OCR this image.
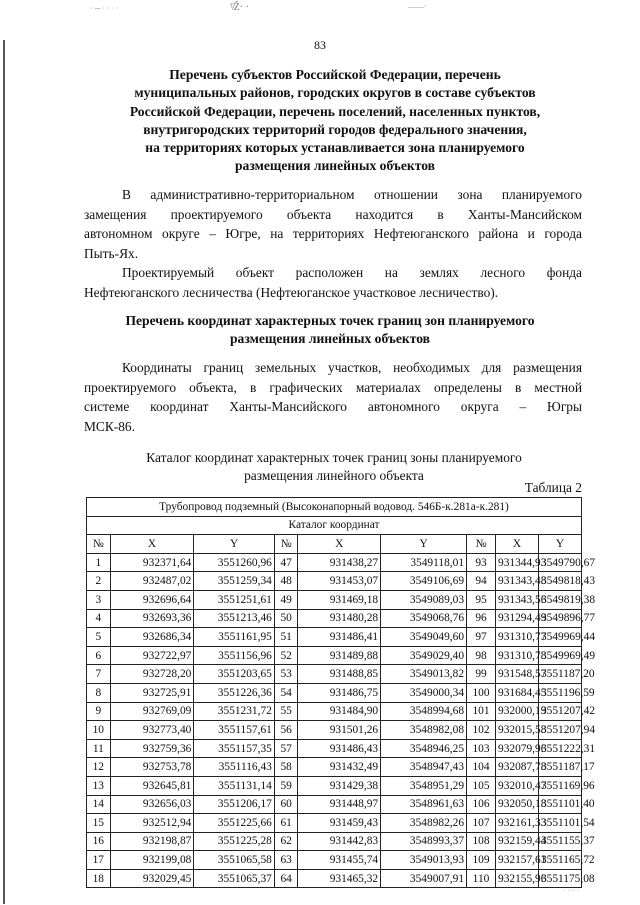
· ─ · · · ·	ᵀ̸Ẑ· ·	——·
83
Перечень субъектов Российской Федерации, перечень
муниципальных районов, городских округов в составе субъектов
Российской Федерации, перечень поселений, населенных пунктов,
внутригородских территорий городов федерального значения,
на территориях которых устанавливается зона планируемого
размещения линейных объектов
В административно-территориальном отношении зона планируемого
замещения проектируемого объекта находится в Ханты-Мансийском
автономном округе – Югре, на территориях Нефтеюганского района и города
Пыть-Ях.
Проектируемый объект расположен на землях лесного фонда
Нефтеюганского лесничества (Нефтеюганское участковое лесничество).
Перечень координат характерных точек границ зон планируемого
размещения линейных объектов
Координаты границ земельных участков, необходимых для размещения
проектируемого объекта, в графических материалах определены в местной
системе координат Ханты-Мансийского автономного округа – Югры
МСК-86.
Каталог координат характерных точек границ зоны планируемого
размещения линейного объекта
Таблица 2
Трубопровод подземный (Высоконапорный водовод. 546Б-к.281а-к.281)								
Каталог координат								
№	X	Y	№	X	Y	№	X	Y
1	932371,64	3551260,96	47	931438,27	3549118,01	93	931344,93	3549790,67
2	932487,02	3551259,34	48	931453,07	3549106,69	94	931343,48	3549818,43
3	932696,64	3551251,61	49	931469,18	3549089,03	95	931343,56	3549819,38
4	932693,36	3551213,46	50	931480,28	3549068,76	96	931294,49	3549896,77
5	932686,34	3551161,95	51	931486,41	3549049,60	97	931310,77	3549969,44
6	932722,97	3551156,96	52	931489,88	3549029,40	98	931310,78	3549969,49
7	932728,20	3551203,65	53	931488,85	3549013,82	99	931548,57	3551187,20
8	932725,91	3551226,36	54	931486,75	3549000,34	100	931684,45	3551196,59
9	932769,09	3551231,72	55	931484,90	3548994,68	101	932000,19	3551207,42
10	932773,40	3551157,61	56	931501,26	3548982,08	102	932015,58	3551207,94
11	932759,36	3551157,35	57	931486,43	3548946,25	103	932079,96	3551222,31
12	932753,78	3551116,43	58	931432,49	3548947,43	104	932087,78	3551187,17
13	932645,81	3551131,14	59	931429,38	3548951,29	105	932010,47	3551169,96
14	932656,03	3551206,17	60	931448,97	3548961,63	106	932050,18	3551101,40
15	932512,94	3551225,66	61	931459,43	3548982,26	107	932161,33	3551101,54
16	932198,87	3551225,28	62	931442,83	3548993,37	108	932159,44	3551155,37
17	932199,08	3551065,58	63	931455,74	3549013,93	109	932157,61	3551165,72
18	932029,45	3551065,37	64	931465,32	3549007,91	110	932155,96	3551175,08
· ··· ·
